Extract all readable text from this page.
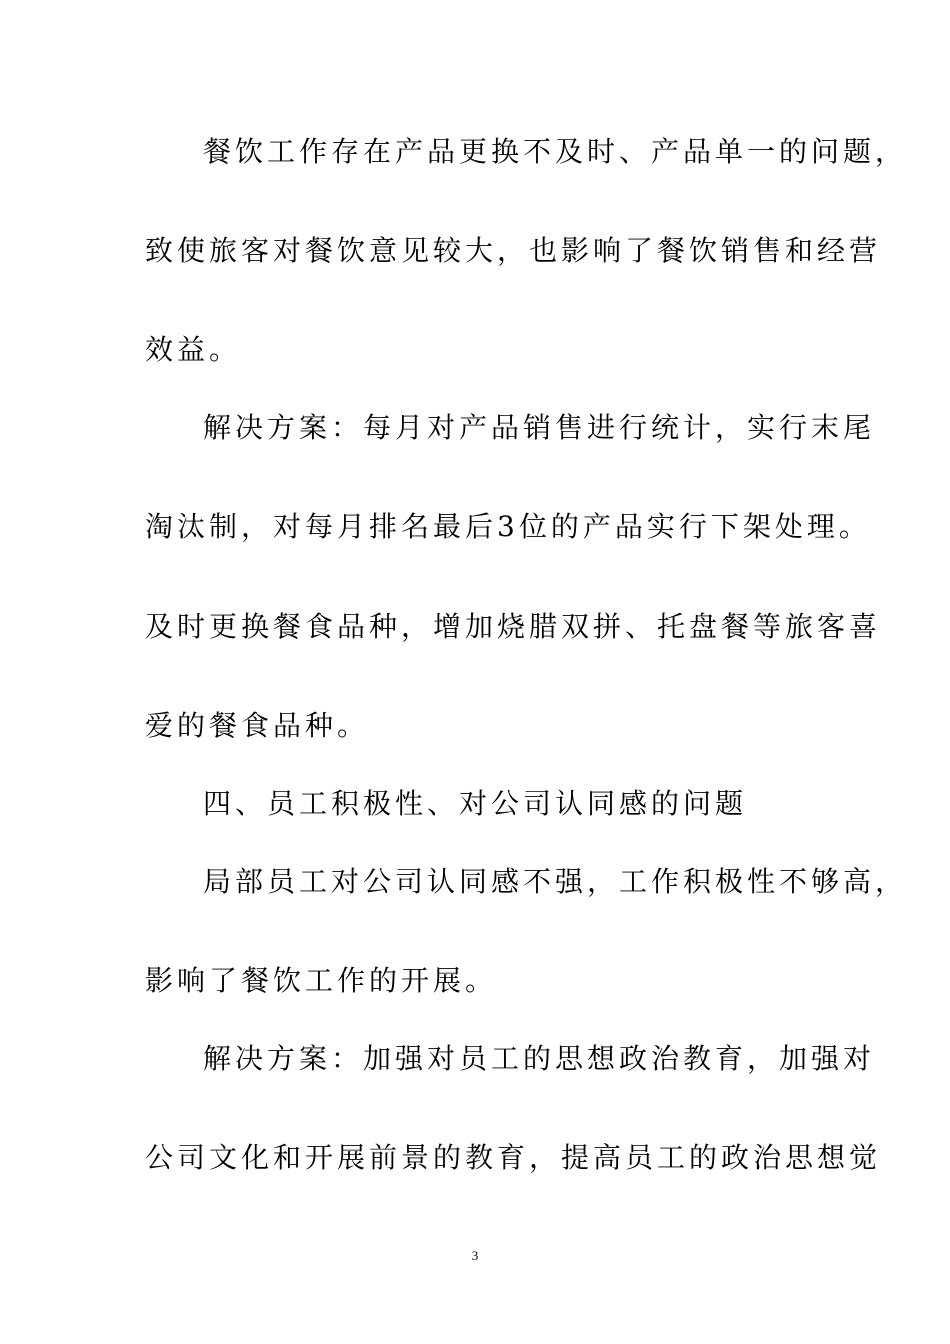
餐饮工作存在产品更换不及时、产品单一的问题，
致使旅客对餐饮意见较大，也影响了餐饮销售和经营
效益。
解决方案：每月对产品销售进行统计，实行末尾
淘汰制，对每月排名最后3位的产品实行下架处理。
及时更换餐食品种，增加烧腊双拼、托盘餐等旅客喜
爱的餐食品种。
四、员工积极性、对公司认同感的问题
局部员工对公司认同感不强，工作积极性不够高，
影响了餐饮工作的开展。
解决方案：加强对员工的思想政治教育，加强对
公司文化和开展前景的教育，提高员工的政治思想觉
3
